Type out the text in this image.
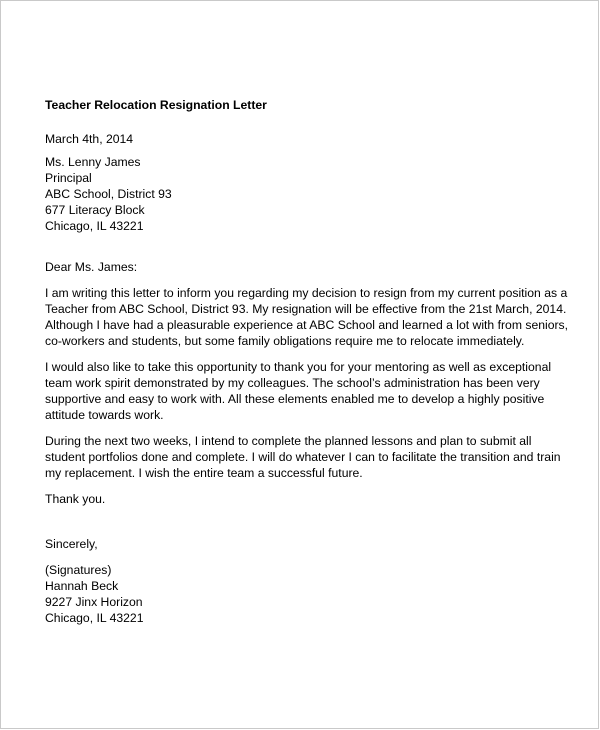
Teacher Relocation Resignation Letter
March 4th, 2014
Ms. Lenny James
Principal
ABC School, District 93
677 Literacy Block
Chicago, IL 43221
Dear Ms. James:
I am writing this letter to inform you regarding my decision to resign from my current position as a
Teacher from ABC School, District 93. My resignation will be effective from the 21st March, 2014.
Although I have had a pleasurable experience at ABC School and learned a lot with from seniors,
co-workers and students, but some family obligations require me to relocate immediately.
I would also like to take this opportunity to thank you for your mentoring as well as exceptional
team work spirit demonstrated by my colleagues. The school’s administration has been very
supportive and easy to work with. All these elements enabled me to develop a highly positive
attitude towards work.
During the next two weeks, I intend to complete the planned lessons and plan to submit all
student portfolios done and complete. I will do whatever I can to facilitate the transition and train
my replacement. I wish the entire team a successful future.
Thank you.
Sincerely,
(Signatures)
Hannah Beck
9227 Jinx Horizon
Chicago, IL 43221
